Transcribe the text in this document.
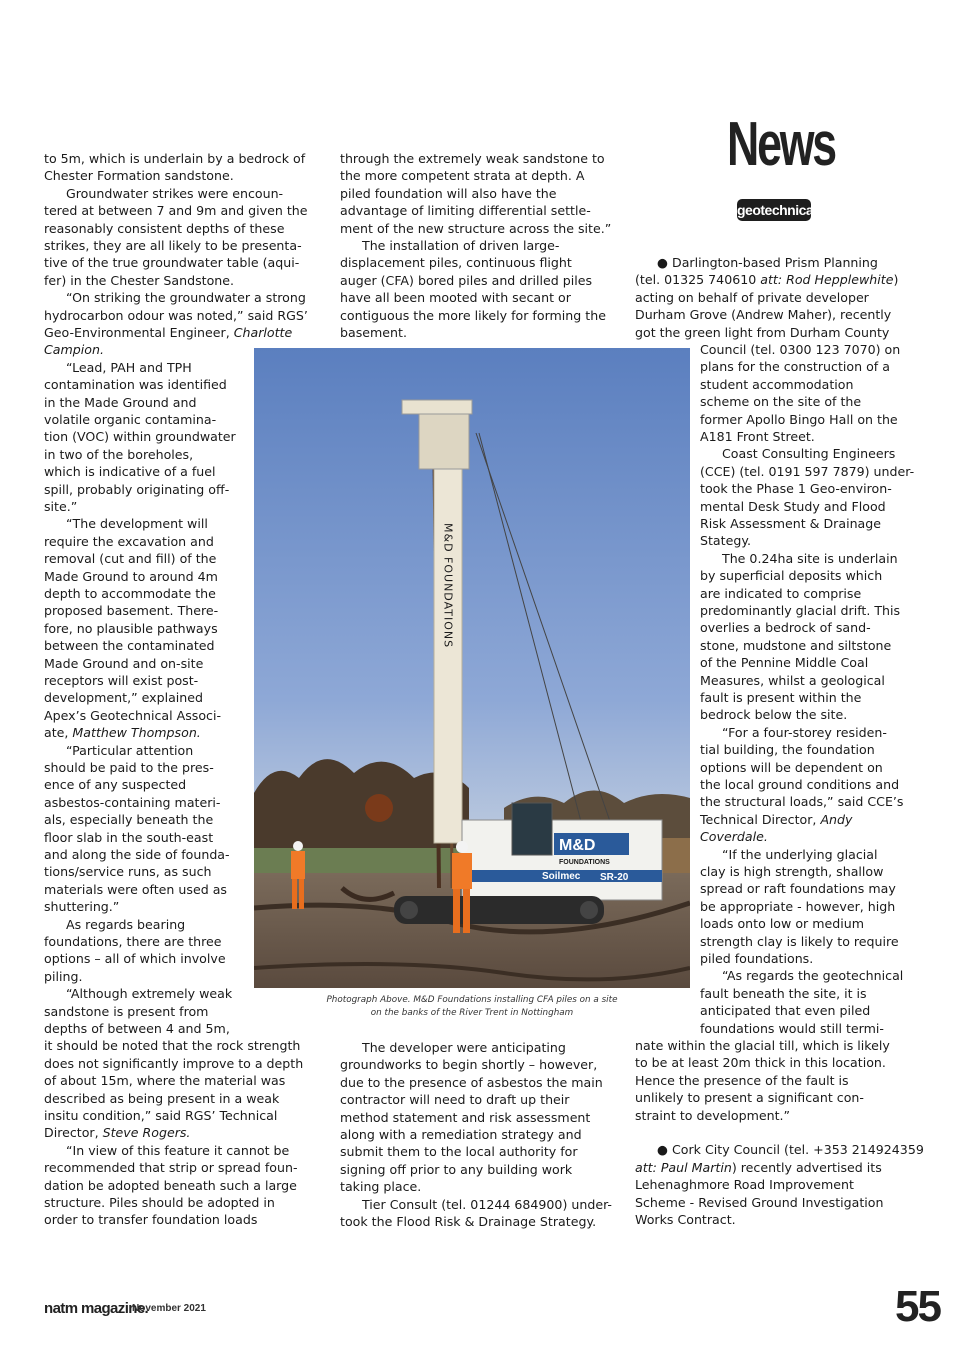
News
geotechnical
to 5m, which is underlain by a bedrock of
Chester Formation sandstone.
Groundwater strikes were encoun-
tered at between 7 and 9m and given the
reasonably consistent depths of these
strikes, they are all likely to be presenta-
tive of the true groundwater table (aqui-
fer) in the Chester Sandstone.
“On striking the groundwater a strong
hydrocarbon odour was noted,” said RGS’
Geo-Environmental Engineer, Charlotte
Campion.
“Lead, PAH and TPH
contamination was identified
in the Made Ground and
volatile organic contamina-
tion (VOC) within groundwater
in two of the boreholes,
which is indicative of a fuel
spill, probably originating off-
site.”
“The development will
require the excavation and
removal (cut and fill) of the
Made Ground to around 4m
depth to accommodate the
proposed basement. There-
fore, no plausible pathways
between the contaminated
Made Ground and on-site
receptors will exist post-
development,” explained
Apex’s Geotechnical Associ-
ate, Matthew Thompson.
“Particular attention
should be paid to the pres-
ence of any suspected
asbestos-containing materi-
als, especially beneath the
floor slab in the south-east
and along the side of founda-
tions/service runs, as such
materials were often used as
shuttering.”
As regards bearing
foundations, there are three
options – all of which involve
piling.
“Although extremely weak
sandstone is present from
depths of between 4 and 5m,
it should be noted that the rock strength
does not significantly improve to a depth
of about 15m, where the material was
described as being present in a weak
insitu condition,” said RGS’ Technical
Director, Steve Rogers.
“In view of this feature it cannot be
recommended that strip or spread foun-
dation be adopted beneath such a large
structure. Piles should be adopted in
order to transfer foundation loads
through the extremely weak sandstone to
the more competent strata at depth. A
piled foundation will also have the
advantage of limiting differential settle-
ment of the new structure across the site.”
The installation of driven large-
displacement piles, continuous flight
auger (CFA) bored piles and drilled piles
have all been mooted with secant or
contiguous the more likely for forming the
basement.
The developer were anticipating
groundworks to begin shortly – however,
due to the presence of asbestos the main
contractor will need to draft up their
method statement and risk assessment
along with a remediation strategy and
submit them to the local authority for
signing off prior to any building work
taking place.
Tier Consult (tel. 01244 684900) under-
took the Flood Risk & Drainage Strategy.
● Darlington-based Prism Planning
(tel. 01325 740610 att: Rod Hepplewhite)
acting on behalf of private developer
Durham Grove (Andrew Maher), recently
got the green light from Durham County
Council (tel. 0300 123 7070) on
plans for the construction of a
student accommodation
scheme on the site of the
former Apollo Bingo Hall on the
A181 Front Street.
Coast Consulting Engineers
(CCE) (tel. 0191 597 7879) under-
took the Phase 1 Geo-environ-
mental Desk Study and Flood
Risk Assessment & Drainage
Stategy.
The 0.24ha site is underlain
by superficial deposits which
are indicated to comprise
predominantly glacial drift. This
overlies a bedrock of sand-
stone, mudstone and siltstone
of the Pennine Middle Coal
Measures, whilst a geological
fault is present within the
bedrock below the site.
“For a four-storey residen-
tial building, the foundation
options will be dependent on
the local ground conditions and
the structural loads,” said CCE’s
Technical Director, Andy
Coverdale.
“If the underlying glacial
clay is high strength, shallow
spread or raft foundations may
be appropriate - however, high
loads onto low or medium
strength clay is likely to require
piled foundations.
“As regards the geotechnical
fault beneath the site, it is
anticipated that even piled
foundations would still termi-
nate within the glacial till, which is likely
to be at least 20m thick in this location.
Hence the presence of the fault is
unlikely to present a significant con-
straint to development.”
● Cork City Council (tel. +353 214924359
att: Paul Martin) recently advertised its
Lehenaghmore Road Improvement
Scheme - Revised Ground Investigation
Works Contract.
M&D FOUNDATIONS
M&D
FOUNDATIONS
SR-20
Soilmec
Photograph Above. M&D Foundations installing CFA piles on a site
on the banks of the River Trent in Nottingham
natm magazine.
November 2021	55
